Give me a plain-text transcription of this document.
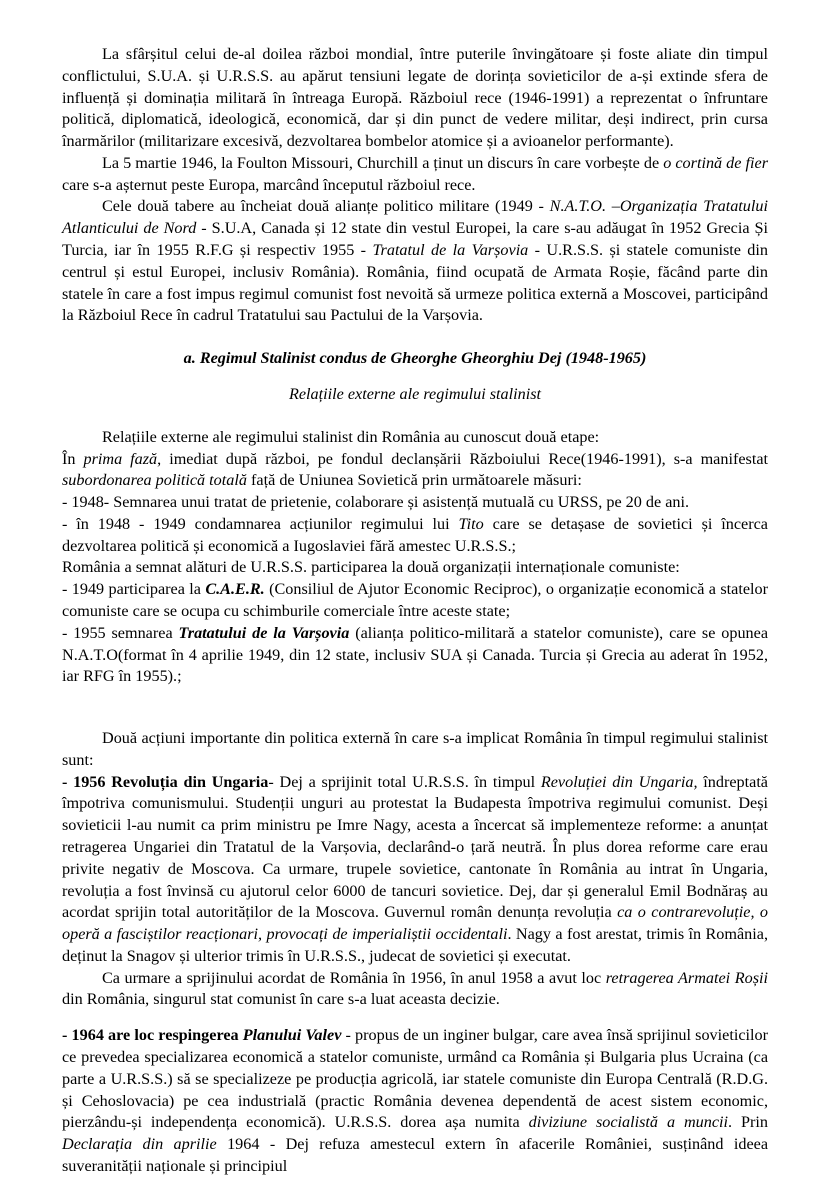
La sfârșitul celui de-al doilea război mondial, între puterile învingătoare și foste aliate din timpul conflictului, S.U.A. și U.R.S.S. au apărut tensiuni legate de dorința sovieticilor de a-și extinde sfera de influență și dominația militară în întreaga Europă. Războiul rece (1946-1991) a reprezentat o înfruntare politică, diplomatică, ideologică, economică, dar și din punct de vedere militar, deși indirect, prin cursa înarmărilor (militarizare excesivă, dezvoltarea bombelor atomice și a avioanelor performante).

La 5 martie 1946, la Foulton Missouri, Churchill a ținut un discurs în care vorbește de o cortină de fier care s-a așternut peste Europa, marcând începutul războiul rece.

Cele două tabere au încheiat două alianțe politico militare (1949 - N.A.T.O. –Organizația Tratatului Atlanticului de Nord - S.U.A, Canada și 12 state din vestul Europei, la care s-au adăugat în 1952 Grecia Și Turcia, iar în 1955 R.F.G și respectiv 1955 - Tratatul de la Varșovia - U.R.S.S. și statele comuniste din centrul și estul Europei, inclusiv România). România, fiind ocupată de Armata Roșie, făcând parte din statele în care a fost impus regimul comunist fost nevoită să urmeze politica externă a Moscovei, participând la Războiul Rece în cadrul Tratatului sau Pactului de la Varșovia.

a. Regimul Stalinist condus de Gheorghe Gheorghiu Dej (1948-1965)
Relațiile externe ale regimului stalinist

Relațiile externe ale regimului stalinist din România au cunoscut două etape:

În prima fază, imediat după război, pe fondul declanșării Războiului Rece(1946-1991), s-a manifestat subordonarea politică totală față de Uniunea Sovietică prin următoarele măsuri:

- 1948- Semnarea unui tratat de prietenie, colaborare și asistență mutuală cu URSS, pe 20 de ani.

- în 1948 - 1949 condamnarea acțiunilor regimului lui Tito care se detașase de sovietici și încerca dezvoltarea politică și economică a Iugoslaviei fără amestec U.R.S.S.;

România a semnat alături de U.R.S.S. participarea la două organizații internaționale comuniste:

- 1949 participarea la C.A.E.R. (Consiliul de Ajutor Economic Reciproc), o organizație economică a statelor comuniste care se ocupa cu schimburile comerciale între aceste state;

- 1955 semnarea Tratatului de la Varșovia (alianța politico-militară a statelor comuniste), care se opunea N.A.T.O(format în 4 aprilie 1949, din 12 state, inclusiv SUA și Canada. Turcia și Grecia au aderat în 1952, iar RFG în 1955).;

Două acțiuni importante din politica externă în care s-a implicat România în timpul regimului stalinist sunt:

- 1956 Revoluția din Ungaria- Dej a sprijinit total U.R.S.S. în timpul Revoluției din Ungaria, îndreptată împotriva comunismului. Studenții unguri au protestat la Budapesta împotriva regimului comunist. Deși sovieticii l-au numit ca prim ministru pe Imre Nagy, acesta a încercat să implementeze reforme: a anunțat retragerea Ungariei din Tratatul de la Varșovia, declarând-o țară neutră. În plus dorea reforme care erau privite negativ de Moscova. Ca urmare, trupele sovietice, cantonate în România au intrat în Ungaria, revoluția a fost învinsă cu ajutorul celor 6000 de tancuri sovietice. Dej, dar și generalul Emil Bodnăraș au acordat sprijin total autorităților de la Moscova. Guvernul român denunța revoluția ca o contrarevoluție, o operă a fasciștilor reacționari, provocați de imperialiștii occidentali. Nagy a fost arestat, trimis în România, deținut la Snagov și ulterior trimis în U.R.S.S., judecat de sovietici și executat.

Ca urmare a sprijinului acordat de România în 1956, în anul 1958 a avut loc retragerea Armatei Roșii din România, singurul stat comunist în care s-a luat aceasta decizie.

- 1964 are loc respingerea Planului Valev - propus de un inginer bulgar, care avea însă sprijinul sovieticilor ce prevedea specializarea economică a statelor comuniste, urmând ca România și Bulgaria plus Ucraina (ca parte a U.R.S.S.) să se specializeze pe producția agricolă, iar statele comuniste din Europa Centrală (R.D.G. și Cehoslovacia) pe cea industrială (practic România devenea dependentă de acest sistem economic, pierzându-și independența economică). U.R.S.S. dorea așa numita diviziune socialistă a muncii. Prin Declarația din aprilie 1964 - Dej refuza amestecul extern în afacerile României, susținând ideea suveranității naționale și principiul
